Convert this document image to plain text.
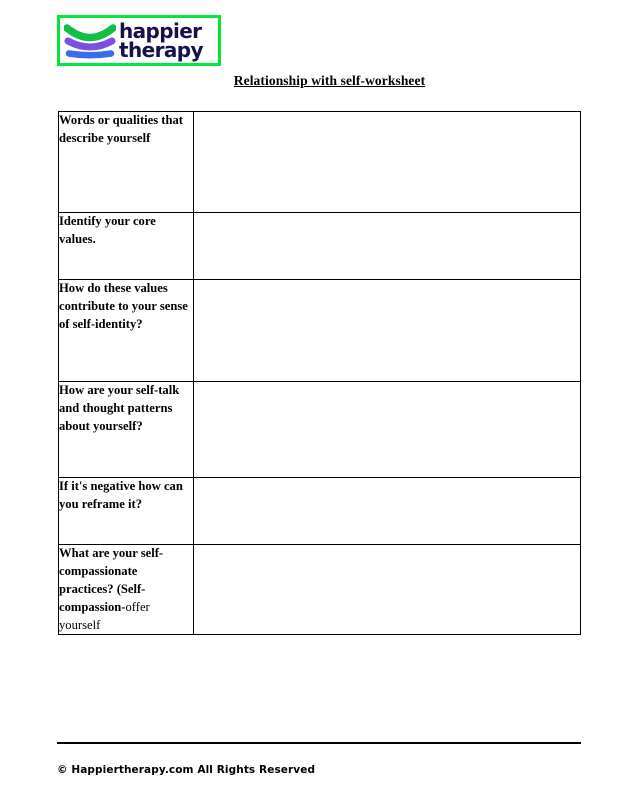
happier
therapy
Relationship with self-worksheet
Words or qualities that describe yourself	
Identify your core values.	
How do these values contribute to your sense of self-identity?	
How are your self-talk and thought patterns about yourself?	
If it's negative how can you reframe it?	
What are your self-compassionate practices? (Self-compassion-offer yourself	
© Happiertherapy.com All Rights Reserved
